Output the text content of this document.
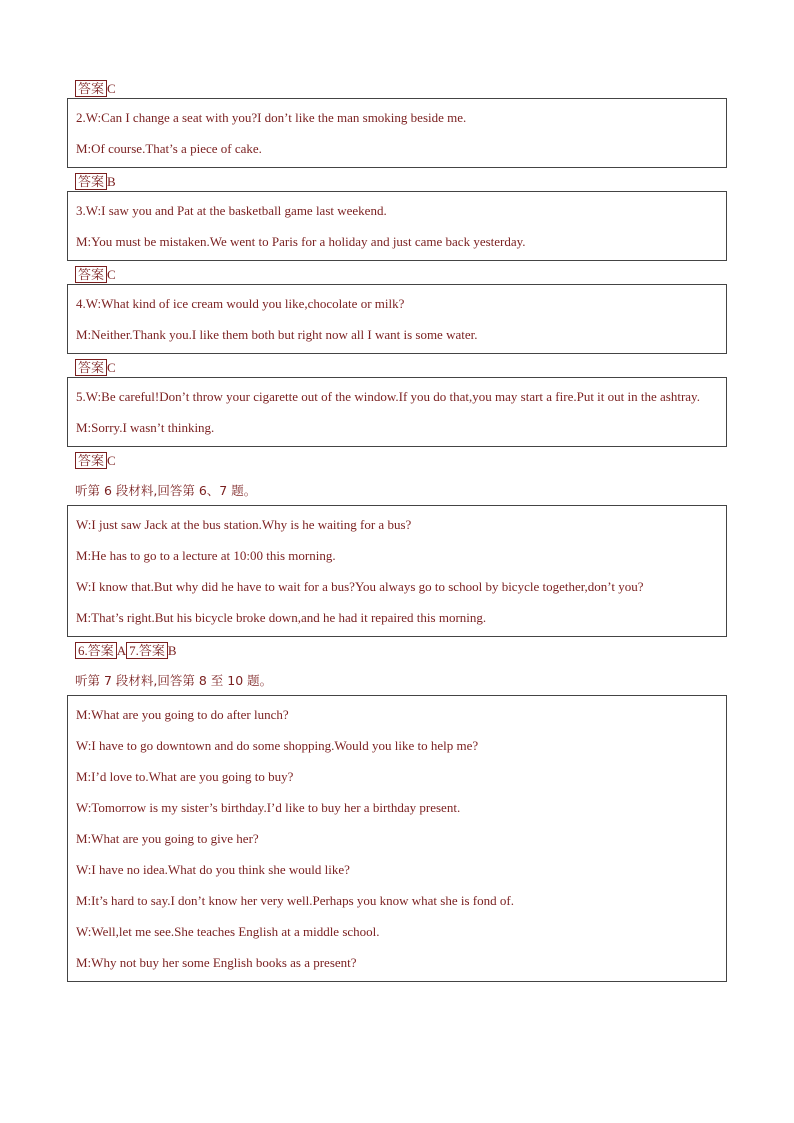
答案 C
2.W:Can I change a seat with you?I don’t like the man smoking beside me.
M:Of course.That’s a piece of cake.
答案 B
3.W:I saw you and Pat at the basketball game last weekend.
M:You must be mistaken.We went to Paris for a holiday and just came back yesterday.
答案 C
4.W:What kind of ice cream would you like,chocolate or milk?
M:Neither.Thank you.I like them both but right now all I want is some water.
答案 C
5.W:Be careful!Don’t throw your cigarette out of the window.If you do that,you may start a fire.Put it out in the ashtray.
M:Sorry.I wasn’t thinking.
答案 C
听第 6 段材料,回答第 6、7 题。
W:I just saw Jack at the bus station.Why is he waiting for a bus?
M:He has to go to a lecture at 10:00 this morning.
W:I know that.But why did he have to wait for a bus?You always go to school by bicycle together,don’t you?
M:That’s right.But his bicycle broke down,and he had it repaired this morning.
6.答案 A 7.答案 B
听第 7 段材料,回答第 8 至 10 题。
M:What are you going to do after lunch?
W:I have to go downtown and do some shopping.Would you like to help me?
M:I’d love to.What are you going to buy?
W:Tomorrow is my sister’s birthday.I’d like to buy her a birthday present.
M:What are you going to give her?
W:I have no idea.What do you think she would like?
M:It’s hard to say.I don’t know her very well.Perhaps you know what she is fond of.
W:Well,let me see.She teaches English at a middle school.
M:Why not buy her some English books as a present?
